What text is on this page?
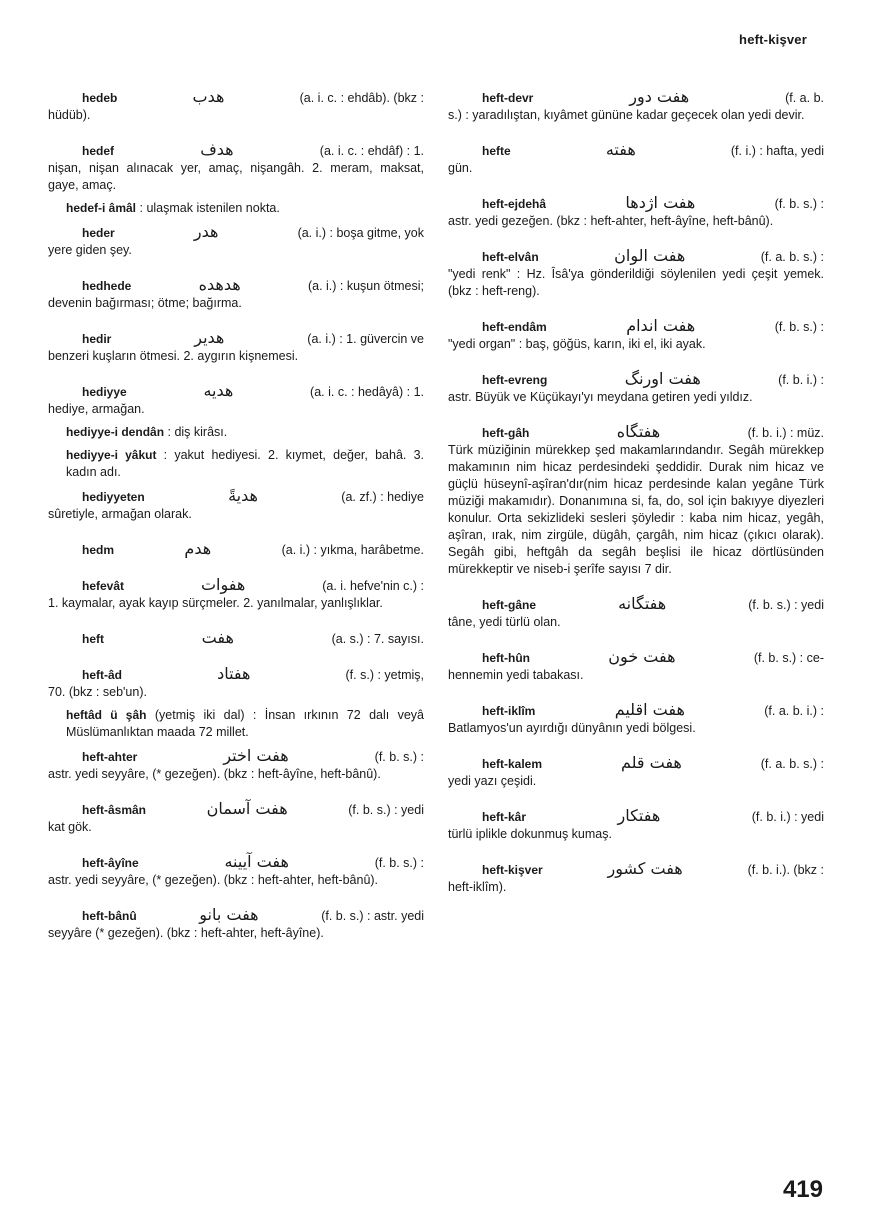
heft-kişver
hedeb	هدب	(a. i. c. : ehdâb). (bkz :
hüdüb).
hedef	هدف	(a. i. c. : ehdâf) : 1.
nişan, nişan alınacak yer, amaç, nişangâh. 2. meram, maksat, gaye, amaç.
hedef-i âmâl : ulaşmak istenilen nokta.
heder	هدر	(a. i.) : boşa gitme, yok
yere giden şey.
hedhede	هدهده	(a. i.) : kuşun ötmesi;
devenin bağırması; ötme; bağırma.
hedir	هدير	(a. i.) : 1. güvercin ve
benzeri kuşların ötmesi. 2. aygırın kişnemesi.
hediyye	هديه	(a. i. c. : hedâyâ) : 1.
hediye, armağan.
hediyye-i dendân : diş kirâsı.
hediyye-i yâkut : yakut hediyesi. 2. kıymet, değer, bahâ. 3. kadın adı.
hediyyeten	هديةً	(a. zf.) : hediye
sûretiyle, armağan olarak.
hedm	هدم	(a. i.) : yıkma, harâbetme.
hefevât	هفوات	(a. i. hefve'nin c.) :
1. kaymalar, ayak kayıp sürçmeler. 2. yanılmalar, yanlışlıklar.
heft	هفت	(a. s.) : 7. sayısı.
heft-âd	هفتاد	(f. s.) : yetmiş,
70. (bkz : seb'un).
heftâd ü şâh (yetmiş iki dal) : İnsan ırkının 72 dalı veyâ Müslümanlıktan maada 72 millet.
heft-ahter	هفت اختر	(f. b. s.) :
astr. yedi seyyâre, (* gezeğen). (bkz : heft-âyîne, heft-bânû).
heft-âsmân	هفت آسمان	(f. b. s.) : yedi
kat gök.
heft-âyîne	هفت آيينه	(f. b. s.) :
astr. yedi seyyâre, (* gezeğen). (bkz : heft-ahter, heft-bânû).
heft-bânû	هفت بانو	(f. b. s.) : astr. yedi
seyyâre (* gezeğen). (bkz : heft-ahter, heft-âyîne).
heft-devr	هفت دور	(f. a. b.
s.) : yaradılıştan, kıyâmet gününe kadar geçecek olan yedi devir.
hefte	هفته	(f. i.) : hafta, yedi
gün.
heft-ejdehâ	هفت اژدها	(f. b. s.) :
astr. yedi gezeğen. (bkz : heft-ahter, heft-âyîne, heft-bânû).
heft-elvân	هفت الوان	(f. a. b. s.) :
"yedi renk" : Hz. Îsâ'ya gönderildiği söylenilen yedi çeşit yemek. (bkz : heft-reng).
heft-endâm	هفت اندام	(f. b. s.) :
"yedi organ" : baş, göğüs, karın, iki el, iki ayak.
heft-evreng	هفت اورنگ	(f. b. i.) :
astr. Büyük ve Küçükayı'yı meydana getiren yedi yıldız.
heft-gâh	هفتگاه	(f. b. i.) : müz.
Türk müziğinin mürekkep şed makamlarındandır. Segâh mürekkep makamının nim hicaz perdesindeki şeddidir. Durak nim hicaz ve güçlü hüseynî-aşîran'dır(nim hicaz perdesinde kalan yegâne Türk müziği makamıdır). Donanımına si, fa, do, sol için bakıyye diyezleri konulur. Orta sekizlideki sesleri şöyledir : kaba nim hicaz, yegâh, aşîran, ırak, nim zirgüle, dügâh, çargâh, nim hicaz (çıkıcı olarak). Segâh gibi, heftgâh da segâh beşlisi ile hicaz dörtlüsünden mürekkeptir ve niseb-i şerîfe sayısı 7 dir.
heft-gâne	هفتگانه	(f. b. s.) : yedi
tâne, yedi türlü olan.
heft-hûn	هفت خون	(f. b. s.) : ce-
hennemin yedi tabakası.
heft-iklîm	هفت اقليم	(f. a. b. i.) :
Batlamyos'un ayırdığı dünyânın yedi bölgesi.
heft-kalem	هفت قلم	(f. a. b. s.) :
yedi yazı çeşidi.
heft-kâr	هفتكار	(f. b. i.) : yedi
türlü iplikle dokunmuş kumaş.
heft-kişver	هفت كشور	(f. b. i.). (bkz :
heft-iklîm).
419
